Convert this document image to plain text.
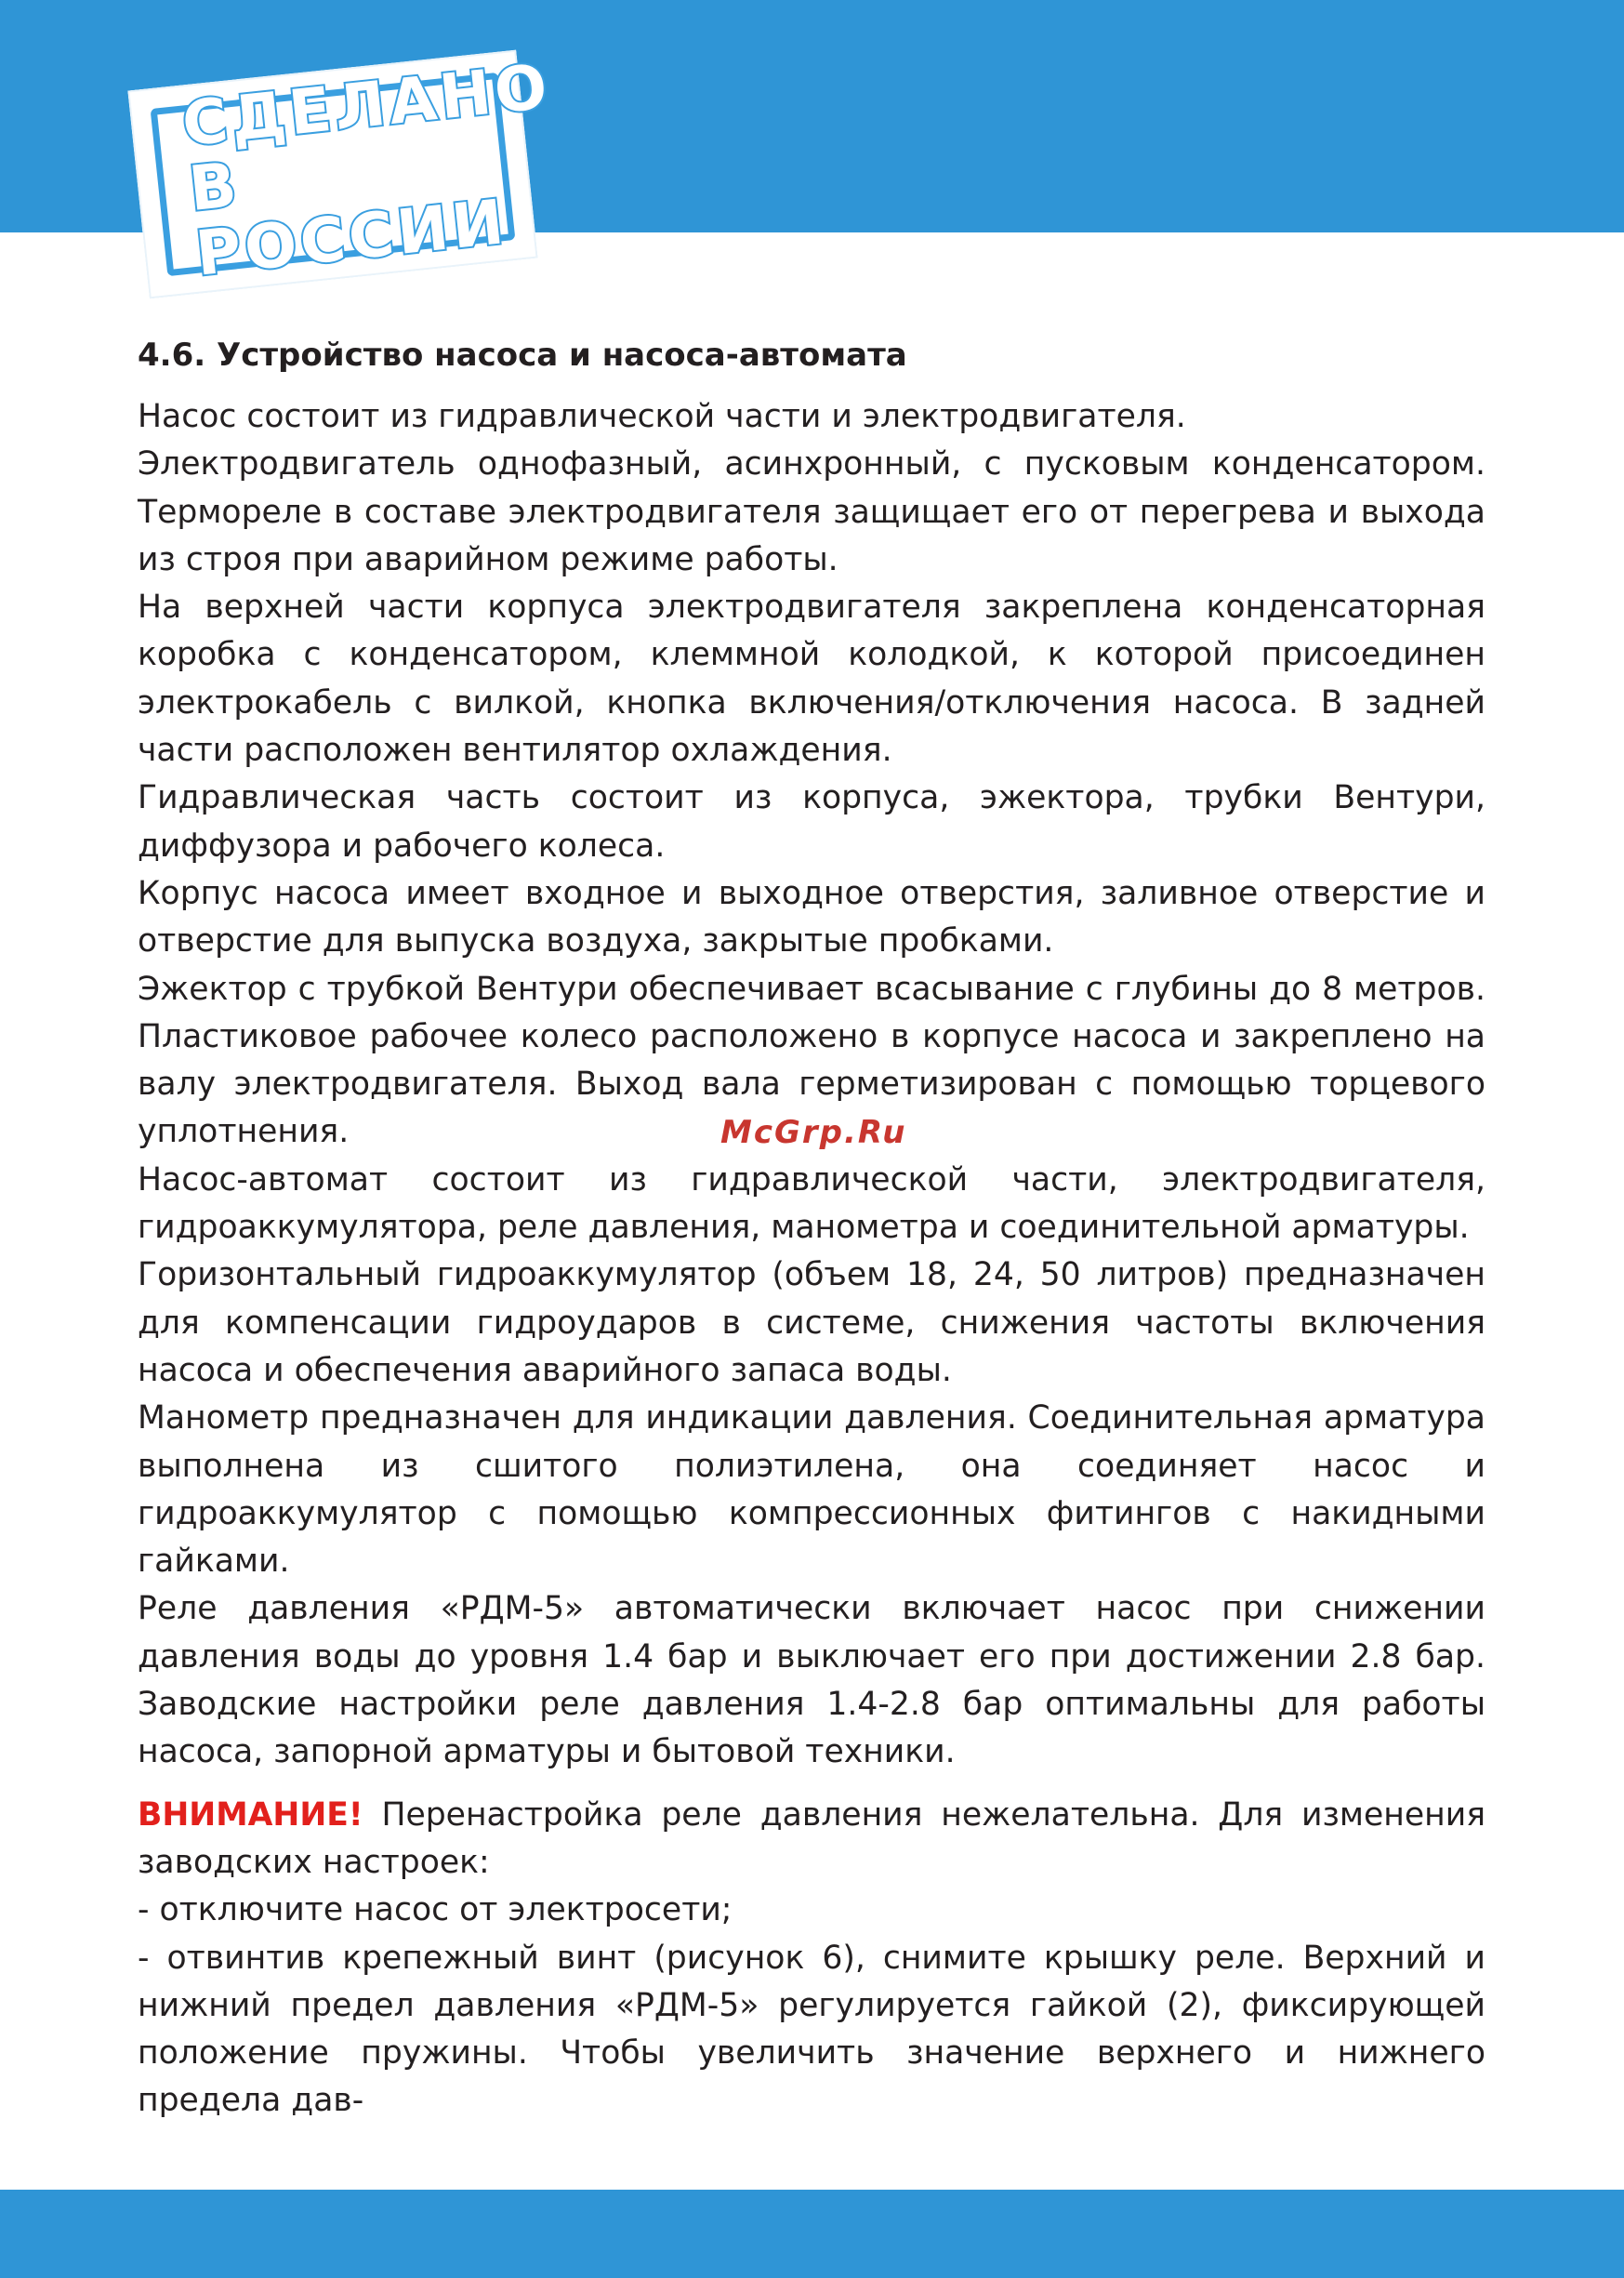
СДЕЛАНО
В РОССИИ
4.6. Устройство насоса и насоса-автомата

Насос состоит из гидравлической части и электродвигателя.

Электродвигатель однофазный, асинхронный, с пусковым конденсатором. Термореле в составе электродвигателя защищает его от перегрева и выхода из строя при аварийном режиме работы.

На верхней части корпуса электродвигателя закреплена конденсаторная коробка с конденсатором, клеммной колодкой, к которой присоединен электрокабель с вилкой, кнопка включения/отключения насоса. В задней части расположен вентилятор охлаждения.

Гидравлическая часть состоит из корпуса, эжектора, трубки Вентури, диффузора и рабочего колеса.

Корпус насоса имеет входное и выходное отверстия, заливное отверстие и отверстие для выпуска воздуха, закрытые пробками.

Эжектор с трубкой Вентури обеспечивает всасывание с глубины до 8 метров. Пластиковое рабочее колесо расположено в корпусе насоса и закреплено на валу электродвигателя. Выход вала герметизирован с помощью торцевого уплотнения.

Насос-автомат состоит из гидравлической части, электродвигателя, гидроаккумулятора, реле давления, манометра и соединительной арматуры.

Горизонтальный гидроаккумулятор (объем 18, 24, 50 литров) предназначен для компенсации гидроударов в системе, снижения частоты включения насоса и обеспечения аварийного запаса воды.

Манометр предназначен для индикации давления. Соединительная арматура выполнена из сшитого полиэтилена, она соединяет насос и гидроаккумулятор с помощью компрессионных фитингов с накидными гайками.

Реле давления «РДМ-5» автоматически включает насос при снижении давления воды до уровня 1.4 бар и выключает его при достижении 2.8 бар. Заводские настройки реле давления 1.4-2.8 бар оптимальны для работы насоса, запорной арматуры и бытовой техники.

ВНИМАНИЕ! Перенастройка реле давления нежелательна. Для изменения заводских настроек:

- отключите насос от электросети;

- отвинтив крепежный винт (рисунок 6), снимите крышку реле. Верхний и нижний предел давления «РДМ-5» регулируется гайкой (2), фиксирующей положение пружины. Чтобы увеличить значение верхнего и нижнего предела дав-

McGrp.Ru
